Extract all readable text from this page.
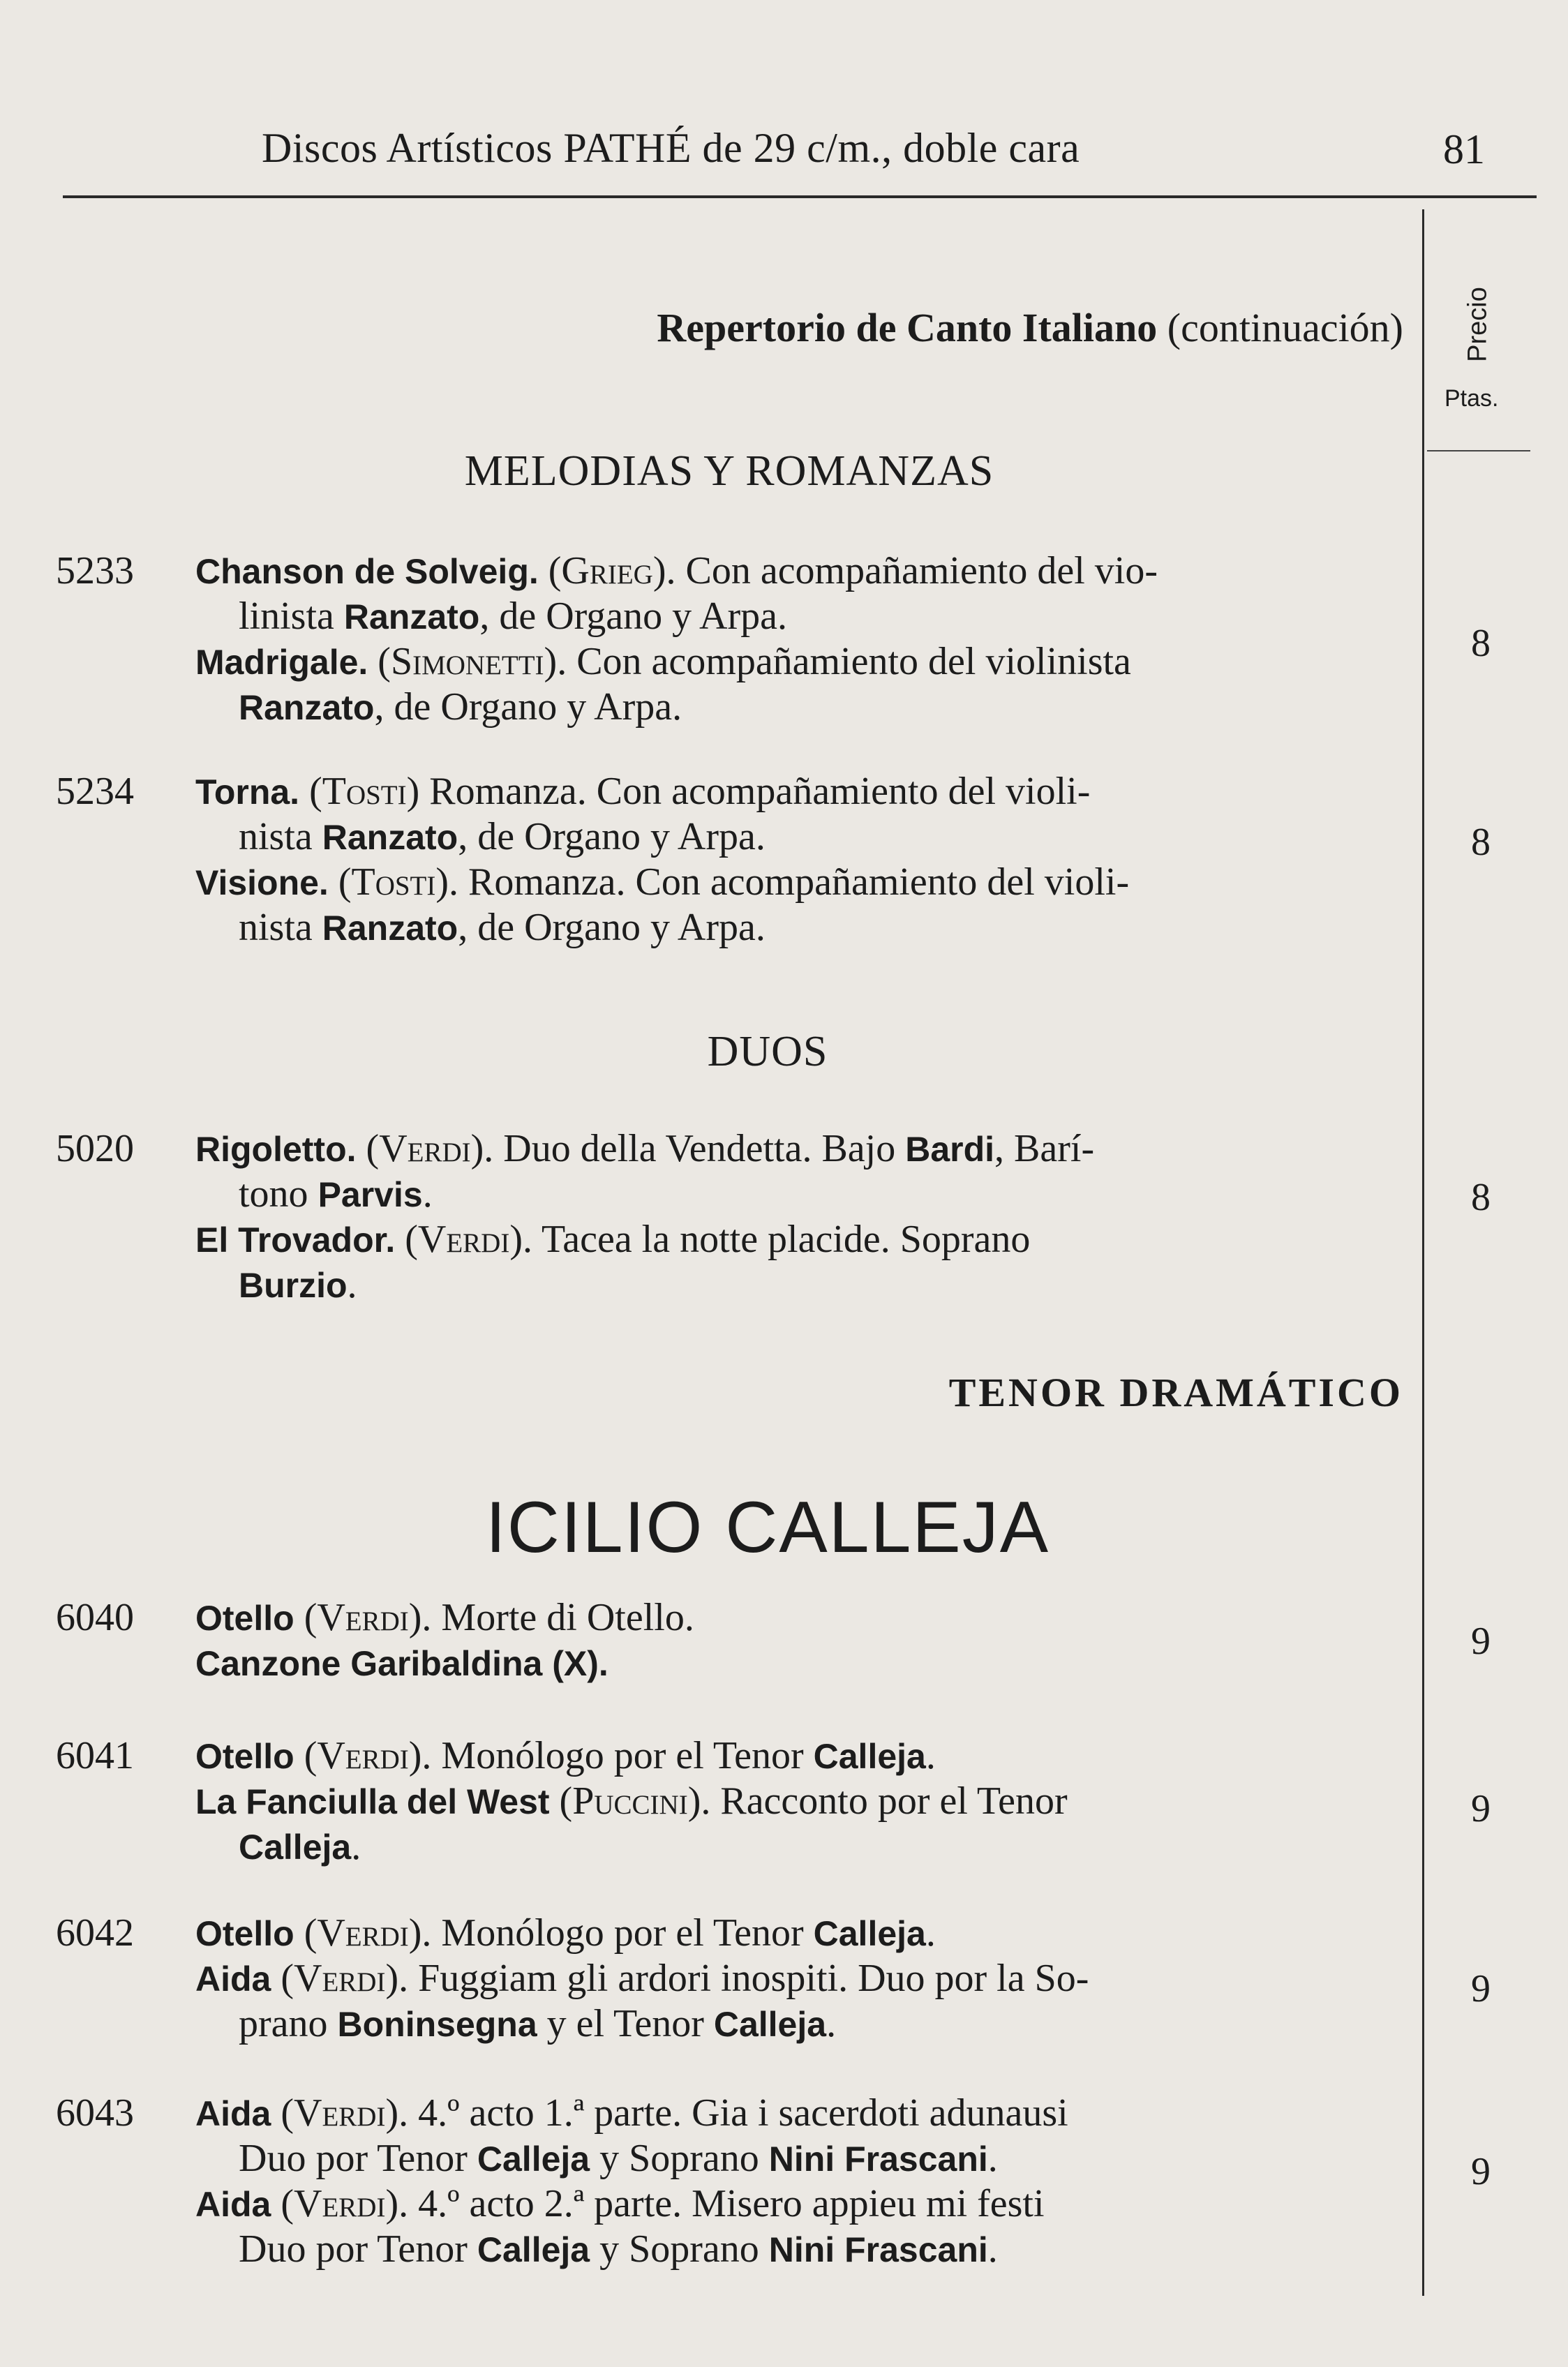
Discos Artísticos PATHÉ de 29 c/m., doble cara	81
Precio
Ptas.
Repertorio de Canto Italiano (continuación)
MELODIAS Y ROMANZAS
5233
8
Chanson de Solveig. (Grieg). Con acompañamiento del vio-
linista Ranzato, de Organo y Arpa.
Madrigale. (Simonetti). Con acompañamiento del violinista
Ranzato, de Organo y Arpa.
5234
8
Torna. (Tosti) Romanza. Con acompañamiento del violi-
nista Ranzato, de Organo y Arpa.
Visione. (Tosti). Romanza. Con acompañamiento del violi-
nista Ranzato, de Organo y Arpa.
DUOS
5020
8
Rigoletto. (Verdi). Duo della Vendetta. Bajo Bardi, Barí-
tono Parvis.
El Trovador. (Verdi). Tacea la notte placide. Soprano
Burzio.
TENOR DRAMÁTICO
ICILIO CALLEJA
6040
9
Otello (Verdi). Morte di Otello.
Canzone Garibaldina (X).
6041
9
Otello (Verdi). Monólogo por el Tenor Calleja.
La Fanciulla del West (Puccini). Racconto por el Tenor
Calleja.
6042
9
Otello (Verdi). Monólogo por el Tenor Calleja.
Aida (Verdi). Fuggiam gli ardori inospiti. Duo por la So-
prano Boninsegna y el Tenor Calleja.
6043
9
Aida (Verdi). 4.º acto 1.ª parte. Gia i sacerdoti adunausi
Duo por Tenor Calleja y Soprano Nini Frascani.
Aida (Verdi). 4.º acto 2.ª parte. Misero appieu mi festi
Duo por Tenor Calleja y Soprano Nini Frascani.
